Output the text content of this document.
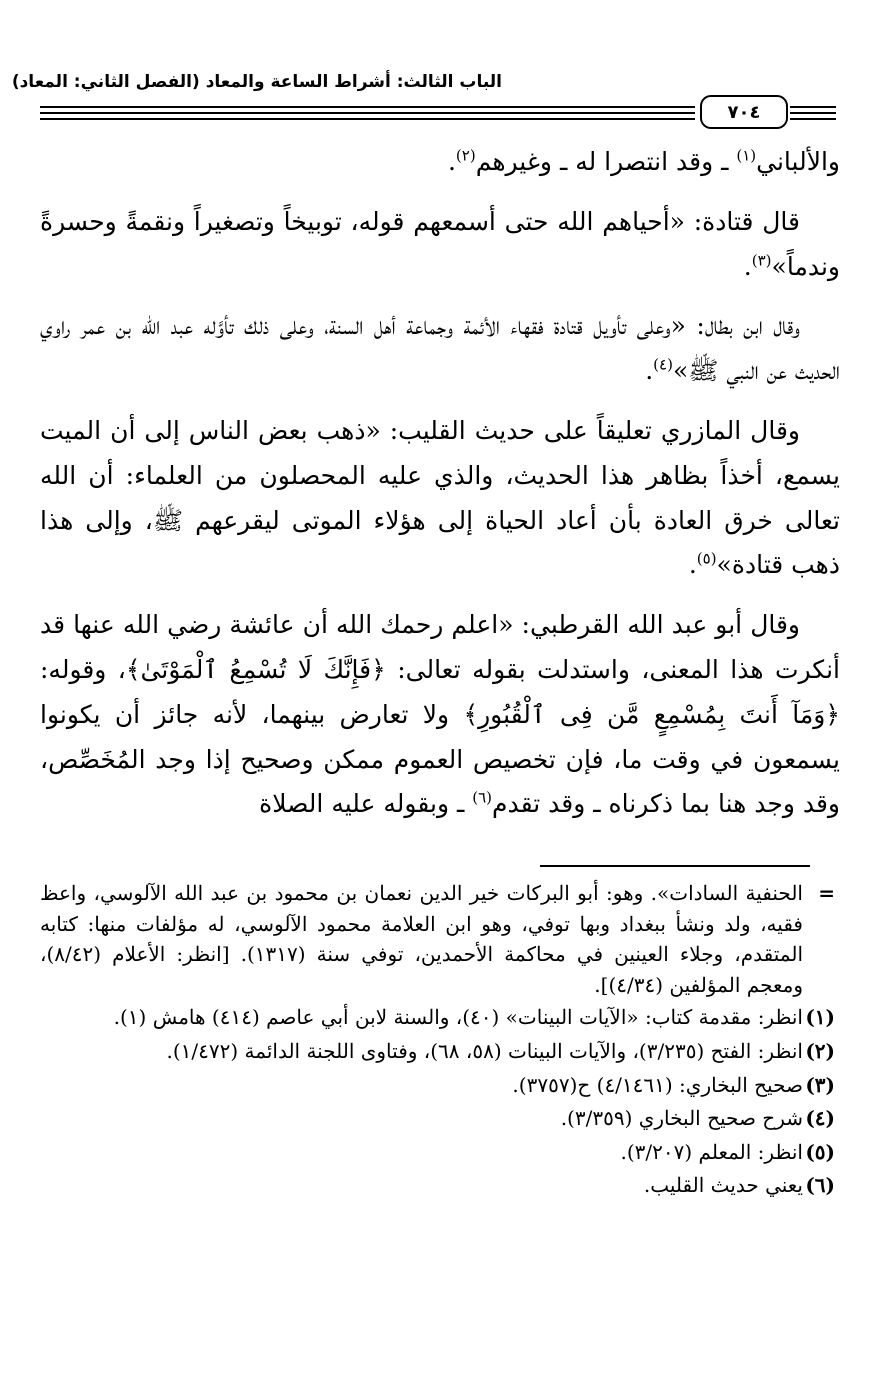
الباب الثالث: أشراط الساعة والمعاد (الفصل الثاني: المعاد)
٧٠٤

والألباني$^{(١)}$ ـ وقد انتصرا له ـ وغيرهم$^{(٢)}$.

قال قتادة: «أحياهم الله حتى أسمعهم قوله، توبيخاً وتصغيراً ونقمةً وحسرةً وندماً»$^{(٣)}$.

وقال ابن بطال: «وعلى تأويل قتادة فقهاء الأئمة وجماعة أهل السنة، وعلى ذلك تأوَّله عبد الله بن عمر راوي الحديث عن النبي ﷺ»$^{(٤)}$.

وقال المازري تعليقاً على حديث القليب: «ذهب بعض الناس إلى أن الميت يسمع، أخذاً بظاهر هذا الحديث، والذي عليه المحصلون من العلماء: أن الله تعالى خرق العادة بأن أعاد الحياة إلى هؤلاء الموتى ليقرعهم ﷺ، وإلى هذا ذهب قتادة»$^{(٥)}$.

وقال أبو عبد الله القرطبي: «اعلم رحمك الله أن عائشة رضي الله عنها قد أنكرت هذا المعنى، واستدلت بقوله تعالى: ﴿فَإِنَّكَ لَا تُسْمِعُ ٱلْمَوْتَىٰ﴾، وقوله: ﴿وَمَآ أَنتَ بِمُسْمِعٍ مَّن فِى ٱلْقُبُورِ﴾ ولا تعارض بينهما، لأنه جائز أن يكونوا يسمعون في وقت ما، فإن تخصيص العموم ممكن وصحيح إذا وجد المُخَصِّص، وقد وجد هنا بما ذكرناه ـ وقد تقدم$^{(٦)}$ ـ وبقوله عليه الصلاة

=
الحنفية السادات». وهو: أبو البركات خير الدين نعمان بن محمود بن عبد الله الآلوسي، واعظ فقيه، ولد ونشأ ببغداد وبها توفي، وهو ابن العلامة محمود الآلوسي، له مؤلفات منها: كتابه المتقدم، وجلاء العينين في محاكمة الأحمدين، توفي سنة (١٣١٧). [انظر: الأعلام (٨/٤٢)، ومعجم المؤلفين (٤/٣٤)].
(١)
انظر: مقدمة كتاب: «الآيات البينات» (٤٠)، والسنة لابن أبي عاصم (٤١٤) هامش (١).
(٢)
انظر: الفتح (٣/٢٣٥)، والآيات البينات (٥٨، ٦٨)، وفتاوى اللجنة الدائمة (١/٤٧٢).
(٣)
صحيح البخاري: (٤/١٤٦١) ح(٣٧٥٧).
(٤)
شرح صحيح البخاري (٣/٣٥٩).
(٥)
انظر: المعلم (٣/٢٠٧).
(٦)
يعني حديث القليب.
